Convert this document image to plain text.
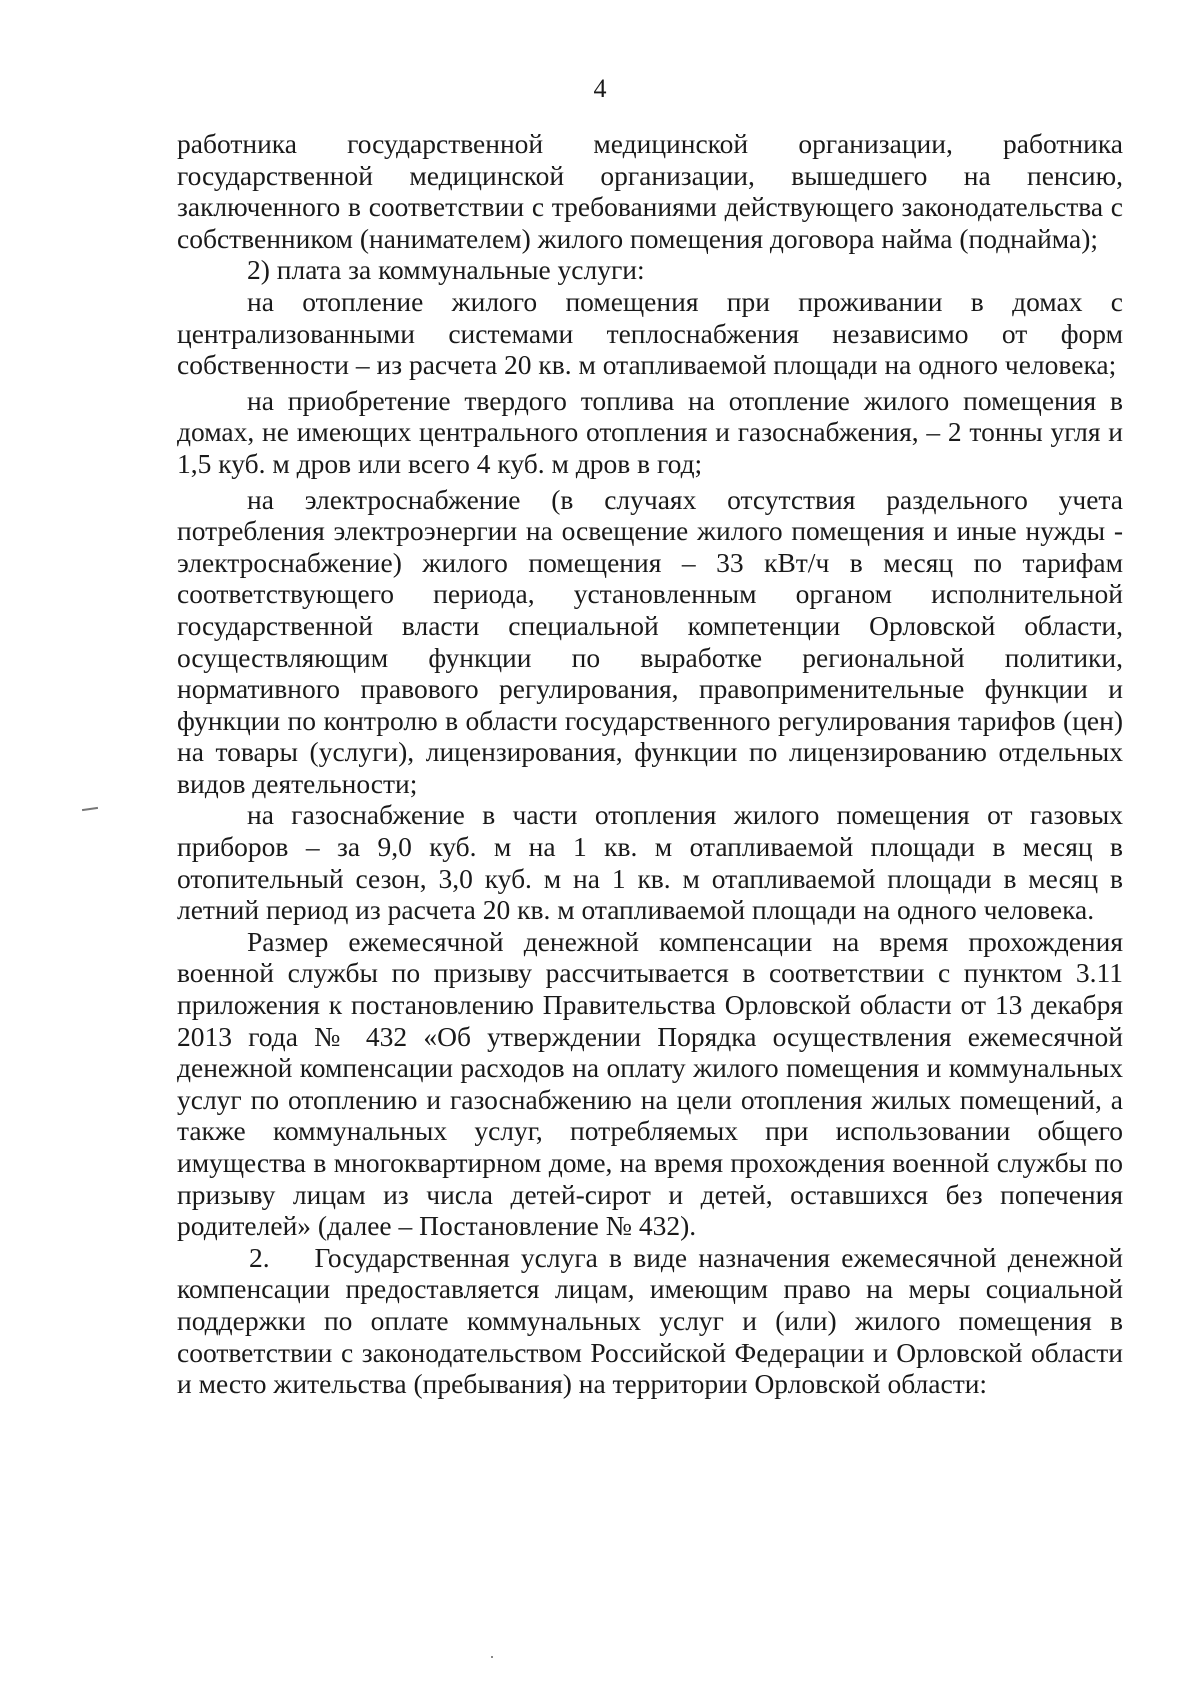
4

работника государственной медицинской организации, работника государственной медицинской организации, вышедшего на пенсию, заключенного в соответствии с требованиями действующего законодательства с собственником (нанимателем) жилого помещения договора найма (поднайма);

2) плата за коммунальные услуги:

на отопление жилого помещения при проживании в домах с централизованными системами теплоснабжения независимо от форм собственности – из расчета 20 кв. м отапливаемой площади на одного человека;

на приобретение твердого топлива на отопление жилого помещения в домах, не имеющих центрального отопления и газоснабжения, – 2 тонны угля и 1,5 куб. м дров или всего 4 куб. м дров в год;

на электроснабжение (в случаях отсутствия раздельного учета потребления электроэнергии на освещение жилого помещения и иные нужды - электроснабжение) жилого помещения – 33 кВт/ч в месяц по тарифам соответствующего периода, установленным органом исполнительной государственной власти специальной компетенции Орловской области, осуществляющим функции по выработке региональной политики, нормативного правового регулирования, правоприменительные функции и функции по контролю в области государственного регулирования тарифов (цен) на товары (услуги), лицензирования, функции по лицензированию отдельных видов деятельности;

на газоснабжение в части отопления жилого помещения от газовых приборов – за 9,0 куб. м на 1 кв. м отапливаемой площади в месяц в отопительный сезон, 3,0 куб. м на 1 кв. м отапливаемой площади в месяц в летний период из расчета 20 кв. м отапливаемой площади на одного человека.

Размер ежемесячной денежной компенсации на время прохождения военной службы по призыву рассчитывается в соответствии с пунктом 3.11 приложения к постановлению Правительства Орловской области от 13 декабря 2013 года № 432 «Об утверждении Порядка осуществления ежемесячной денежной компенсации расходов на оплату жилого помещения и коммунальных услуг по отоплению и газоснабжению на цели отопления жилых помещений, а также коммунальных услуг, потребляемых при использовании общего имущества в многоквартирном доме, на время прохождения военной службы по призыву лицам из числа детей-сирот и детей, оставшихся без попечения родителей» (далее – Постановление № 432).

2.    Государственная услуга в виде назначения ежемесячной денежной компенсации предоставляется лицам, имеющим право на меры социальной поддержки по оплате коммунальных услуг и (или) жилого помещения в соответствии с законодательством Российской Федерации и Орловской области и место жительства (пребывания) на территории Орловской области:
